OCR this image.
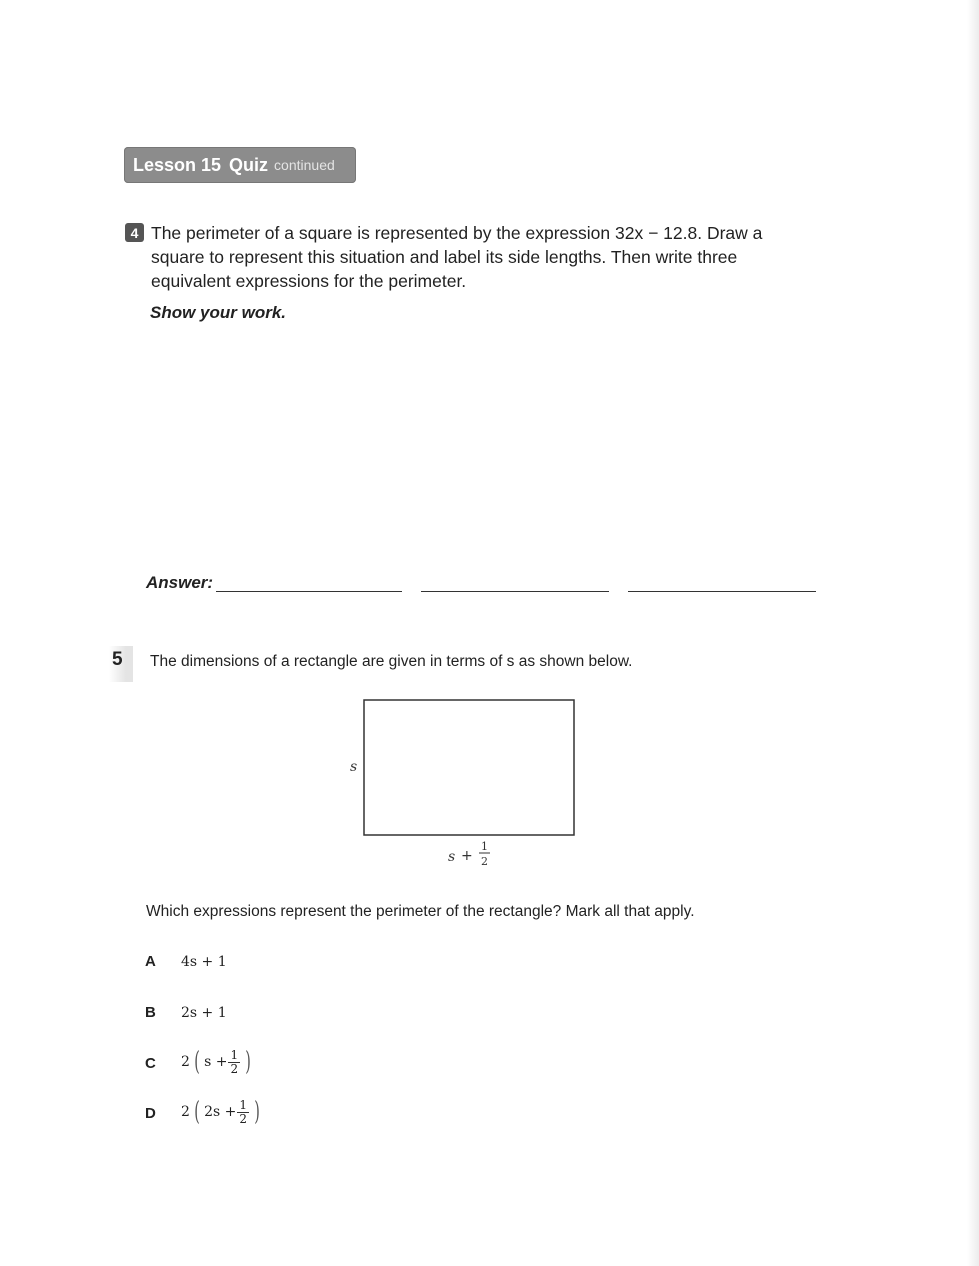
Lesson 15 Quiz continued
4 The perimeter of a square is represented by the expression 32x − 12.8. Draw a
square to represent this situation and label its side lengths. Then write three
equivalent expressions for the perimeter.
Show your work.
Answer:
5	The dimensions of a rectangle are given in terms of s as shown below.
s
s +
1
2
Which expressions represent the perimeter of the rectangle? Mark all that apply.
A 4s + 1
B 2s + 1
C 2 ( $s + \frac{1}{2}$ )
D 2 ( $2s + \frac{1}{2}$ )
